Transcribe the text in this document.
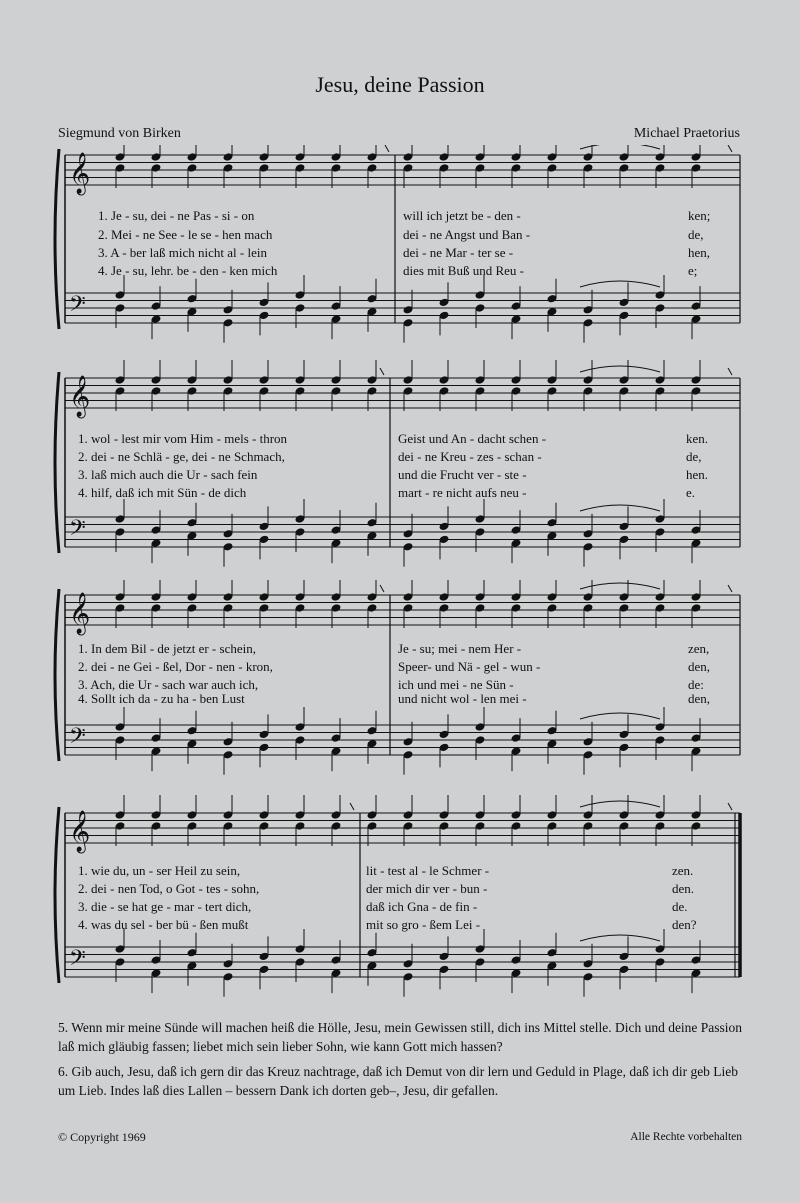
Jesu, deine Passion
Siegmund von Birken	Michael Praetorius
𝄞
𝄢
1. Je - su, dei - ne Pas - si - on
2. Mei - ne See - le se - hen mach
3. A - ber laß mich nicht al - lein
4. Je - su, lehr. be - den - ken mich
will ich jetzt be - den -
dei - ne Angst und Ban -
dei - ne Mar - ter se -
dies mit Buß und Reu -
ken;
de,
hen,
e;
𝄞
𝄢
1. wol - lest mir vom Him - mels - thron
2. dei - ne Schlä - ge, dei - ne Schmach,
3. laß mich auch die Ur - sach fein
4. hilf, daß ich mit Sün - de dich
Geist und An - dacht schen -
dei - ne Kreu - zes - schan -
und die Frucht ver - ste -
mart - re nicht aufs neu -
ken.
de,
hen.
e.
𝄞
𝄢
1. In dem Bil - de jetzt er - schein,
2. dei - ne Gei - ßel, Dor - nen - kron,
3. Ach, die Ur - sach war auch ich,
4. Sollt ich da - zu ha - ben Lust
Je - su; mei - nem Her -
Speer- und Nä - gel - wun -
ich und mei - ne Sün -
und nicht wol - len mei -
zen,
den,
de:
den,
𝄞
𝄢
1. wie du, un - ser Heil zu sein,
2. dei - nen Tod, o Got - tes - sohn,
3. die - se hat ge - mar - tert dich,
4. was du sel - ber bü - ßen mußt
lit - test al - le Schmer -
der mich dir ver - bun -
daß ich Gna - de fin -
mit so gro - ßem Lei -
zen.
den.
de.
den?

5. Wenn mir meine Sünde will machen heiß die Hölle, Jesu, mein Gewissen still, dich ins Mittel stelle. Dich und deine Passion laß mich gläubig fassen; liebet mich sein lieber Sohn, wie kann Gott mich hassen?

6. Gib auch, Jesu, daß ich gern dir das Kreuz nachtrage, daß ich Demut von dir lern und Geduld in Plage, daß ich dir geb Lieb um Lieb. Indes laß dies Lallen – bessern Dank ich dorten geb–, Jesu, dir gefallen.

© Copyright 1969	Alle Rechte vorbehalten
